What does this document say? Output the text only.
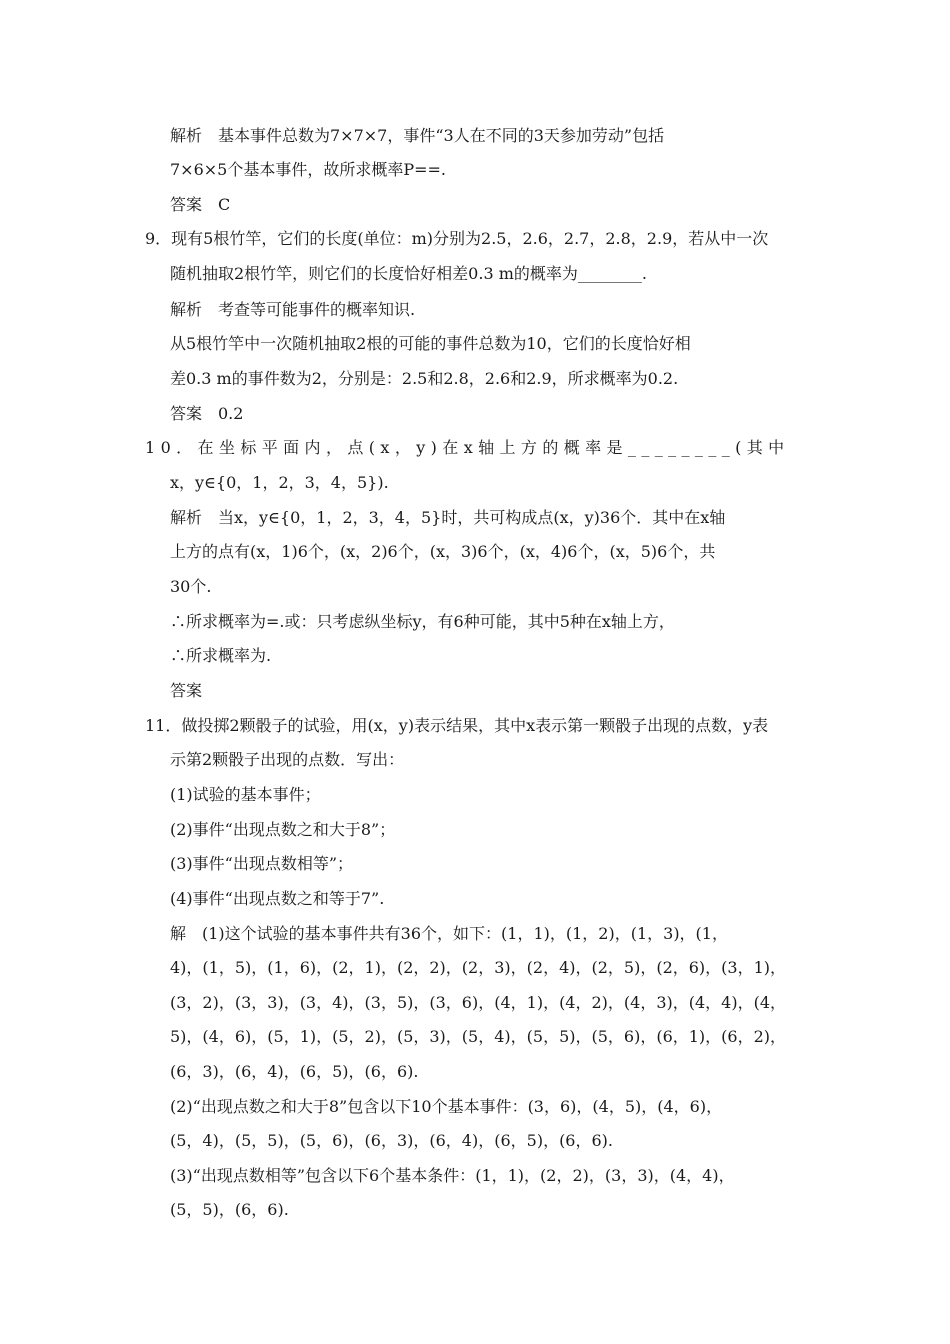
解析　基本事件总数为7×7×7，事件“3人在不同的3天参加劳动”包括
7×6×5个基本事件，故所求概率P==.
答案　C
9．现有5根竹竿，它们的长度(单位：m)分别为2.5，2.6，2.7，2.8，2.9，若从中一次
随机抽取2根竹竿，则它们的长度恰好相差0.3 m的概率为________.
解析　考查等可能事件的概率知识.
从5根竹竿中一次随机抽取2根的可能的事件总数为10，它们的长度恰好相
差0.3 m的事件数为2，分别是：2.5和2.8，2.6和2.9，所求概率为0.2.
答案　0.2
10．在坐标平面内，点(x，y)在x轴上方的概率是________(其中
x，y∈{0，1，2，3，4，5}).
解析　当x，y∈{0，1，2，3，4，5}时，共可构成点(x，y)36个．其中在x轴
上方的点有(x，1)6个，(x，2)6个，(x，3)6个，(x，4)6个，(x，5)6个，共
30个.
∴所求概率为=.或：只考虑纵坐标y，有6种可能，其中5种在x轴上方，
∴所求概率为.
答案
11．做投掷2颗骰子的试验，用(x，y)表示结果，其中x表示第一颗骰子出现的点数，y表
示第2颗骰子出现的点数．写出：
(1)试验的基本事件；
(2)事件“出现点数之和大于8”；
(3)事件“出现点数相等”；
(4)事件“出现点数之和等于7”.
解　(1)这个试验的基本事件共有36个，如下：(1，1)，(1，2)，(1，3)，(1，
4)，(1，5)，(1，6)，(2，1)，(2，2)，(2，3)，(2，4)，(2，5)，(2，6)，(3，1)，
(3，2)，(3，3)，(3，4)，(3，5)，(3，6)，(4，1)，(4，2)，(4，3)，(4，4)，(4，
5)，(4，6)，(5，1)，(5，2)，(5，3)，(5，4)，(5，5)，(5，6)，(6，1)，(6，2)，
(6，3)，(6，4)，(6，5)，(6，6).
(2)“出现点数之和大于8”包含以下10个基本事件：(3，6)，(4，5)，(4，6)，
(5，4)，(5，5)，(5，6)，(6，3)，(6，4)，(6，5)，(6，6).
(3)“出现点数相等”包含以下6个基本条件：(1，1)，(2，2)，(3，3)，(4，4)，
(5，5)，(6，6).
